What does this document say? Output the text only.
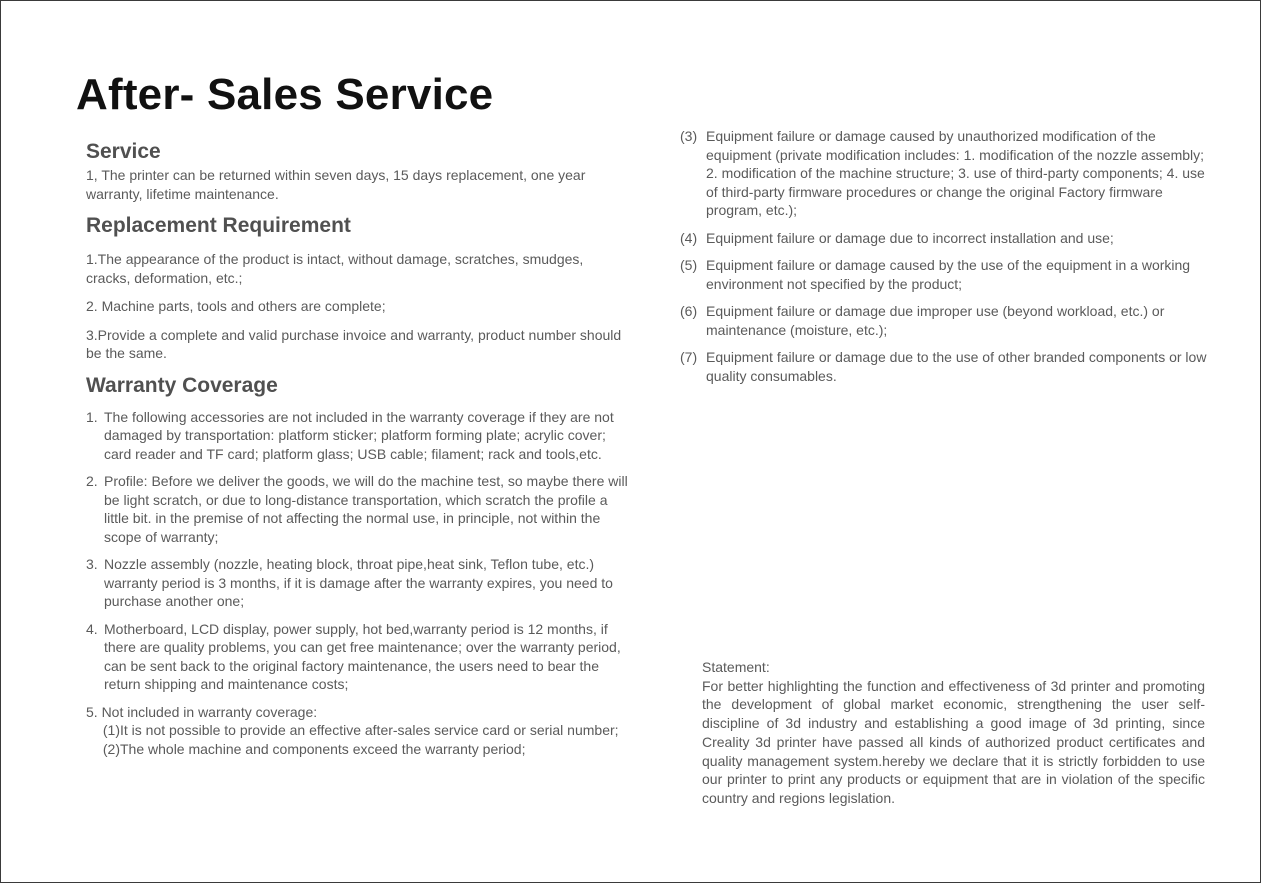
After- Sales Service
Service

1, The printer can be returned within seven days, 15 days replacement, one year warranty, lifetime maintenance.

Replacement Requirement

1.The appearance of the product is intact, without damage, scratches, smudges, cracks, deformation, etc.;

2. Machine parts, tools and others are complete;

3.Provide a complete and valid purchase invoice and warranty, product number should be the same.

Warranty Coverage
1. The following accessories are not included in the warranty coverage if they are not damaged by transportation: platform sticker; platform forming plate; acrylic cover; card reader and TF card; platform glass; USB cable; filament; rack and tools,etc.
2. Profile: Before we deliver the goods, we will do the machine test, so maybe there will be light scratch, or due to long-distance transportation, which scratch the profile a little bit. in the premise of not affecting the normal use, in principle, not within the scope of warranty;
3. Nozzle assembly (nozzle, heating block, throat pipe,heat sink, Teflon tube, etc.) warranty period is 3 months, if it is damage after the warranty expires, you need to purchase another one;
4. Motherboard, LCD display, power supply, hot bed,warranty period is 12 months, if there are quality problems, you can get free maintenance; over the warranty period, can be sent back to the original factory maintenance, the users need to bear the return shipping and maintenance costs;

5. Not included in warranty coverage:

(1) It is not possible to provide an effective after-sales service card or serial number;
(2) The whole machine and components exceed the warranty period;
(3) Equipment failure or damage caused by unauthorized modification of the equipment (private modification includes: 1. modification of the nozzle assembly; 2. modification of the machine structure; 3. use of third-party components; 4. use of third-party firmware procedures or change the original Factory firmware program, etc.);
(4) Equipment failure or damage due to incorrect installation and use;
(5) Equipment failure or damage caused by the use of the equipment in a working environment not specified by the product;
(6) Equipment failure or damage due improper use (beyond workload, etc.) or maintenance (moisture, etc.);
(7) Equipment failure or damage due to the use of other branded components or low quality consumables.
Statement:
For better highlighting the function and effectiveness of 3d printer and promoting the development of global market economic, strengthening the user self-discipline of 3d industry and establishing a good image of 3d printing, since Creality 3d printer have passed all kinds of authorized product certificates and quality management system.hereby we declare that it is strictly forbidden to use our printer to print any products or equipment that are in violation of the specific country and regions legislation.
